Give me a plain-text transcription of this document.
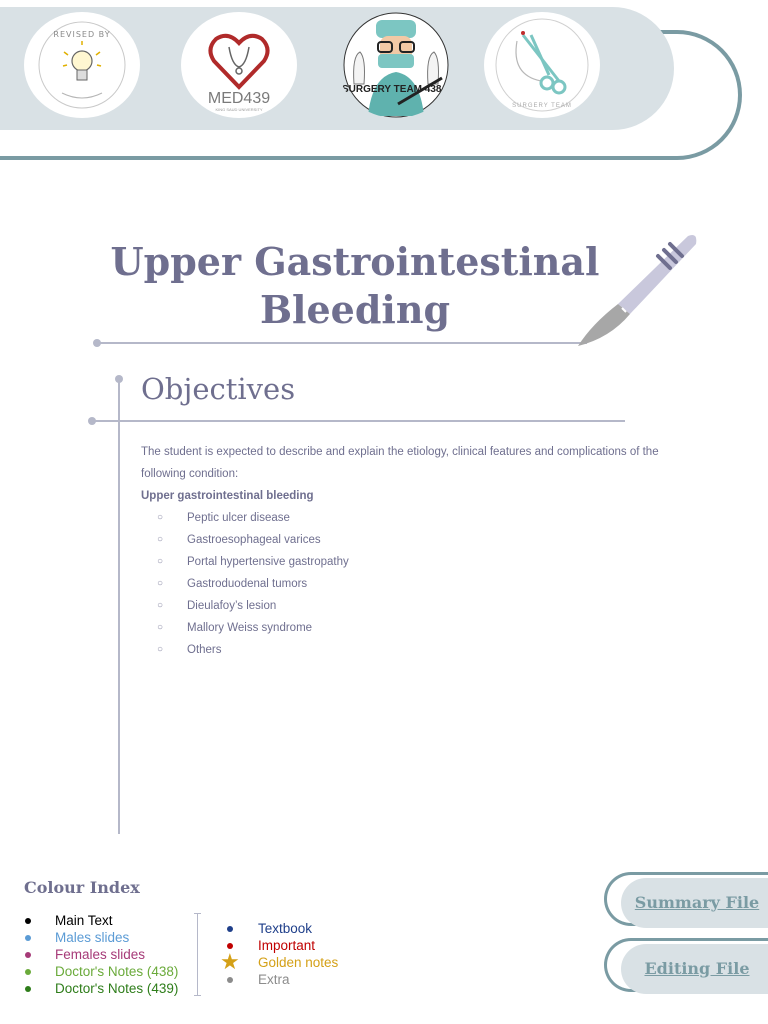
REVISED BY
MED439
KING SAUD UNIVERSITY
SURGERY TEAM 438
SURGERY TEAM
Upper Gastrointestinal
Bleeding
Objectives
The student is expected to describe and explain the etiology, clinical features and complications of the following condition:
Upper gastrointestinal bleeding
○ Peptic ulcer disease
○ Gastroesophageal varices
○ Portal hypertensive gastropathy
○ Gastroduodenal tumors
○ Dieulafoy’s lesion
○ Mallory Weiss syndrome
○ Others
Colour Index
Main Text
Males slides
Females slides
Doctor's Notes (438)
Doctor's Notes (439)
Textbook
Important
★ Golden notes
Extra
Summary File
Editing File
